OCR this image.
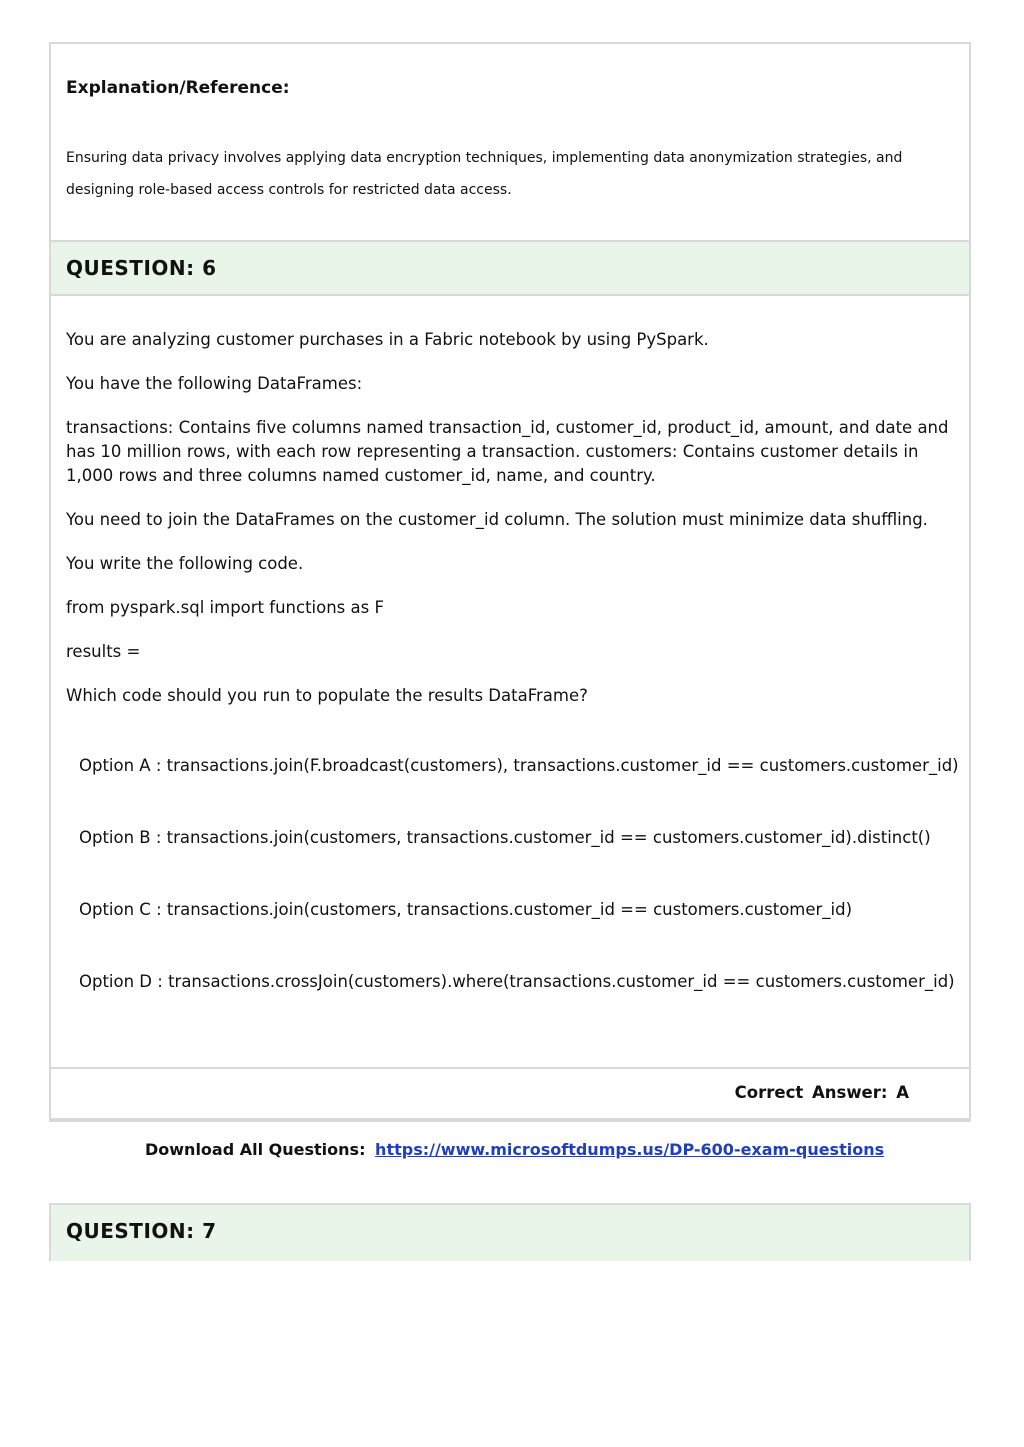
Explanation/Reference:

Ensuring data privacy involves applying data encryption techniques, implementing data anonymization strategies, and designing role-based access controls for restricted data access.

QUESTION: 6

You are analyzing customer purchases in a Fabric notebook by using PySpark.

You have the following DataFrames:

transactions: Contains five columns named transaction_id, customer_id, product_id, amount, and date and has 10 million rows, with each row representing a transaction. customers: Contains customer details in 1,000 rows and three columns named customer_id, name, and country.

You need to join the DataFrames on the customer_id column. The solution must minimize data shuffling.

You write the following code.

from pyspark.sql import functions as F

results =

Which code should you run to populate the results DataFrame?

Option A : transactions.join(F.broadcast(customers), transactions.customer_id == customers.customer_id)

Option B : transactions.join(customers, transactions.customer_id == customers.customer_id).distinct()

Option C : transactions.join(customers, transactions.customer_id == customers.customer_id)

Option D : transactions.crossJoin(customers).where(transactions.customer_id == customers.customer_id)

Correct Answer: A

Download All Questions: https://www.microsoftdumps.us/DP-600-exam-questions

QUESTION: 7
